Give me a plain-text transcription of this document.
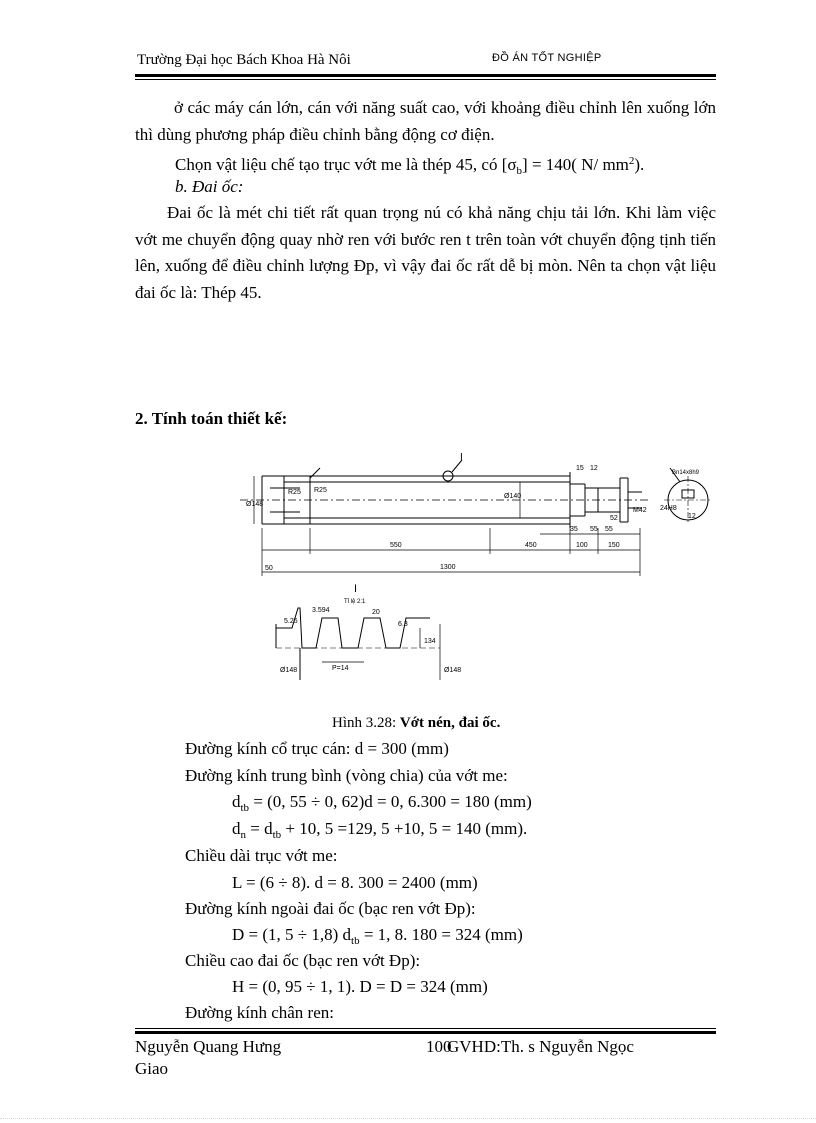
Trường Đại học Bách Khoa Hà Nôi	ĐỒ ÁN TỐT NGHIỆP
ở các máy cán lớn, cán với năng suất cao, với khoảng điều chỉnh lên xuống lớn thì dùng phương pháp điều chỉnh bằng động cơ điện.
Chọn vật liệu chế tạo trục vớt me là thép 45, có $[\sigma_b] = 140$( N/ $mm^2$).
b. Đai ốc:
Đai ốc là mét chi tiết rất quan trọng nú có khả năng chịu tải lớn. Khi làm việc vớt me chuyển động quay nhờ ren với bước ren t trên toàn vớt chuyển động tịnh tiến lên, xuống để điều chỉnh lượng Đp, vì vậy đai ốc rất dễ bị mòn. Nên ta chọn vật liệu đai ốc là: Thép 45.
2. Tính toán thiết kế:
50
550	450	100	150
1300
35 55 55
52
15 12
M42
Ø148
Ø140
R25 R25
I
24H8
12
Bn14x8h9
I
Tỉ lệ 2:1
5.25
3.594	20
6.3
134
P=14
Ø148	Ø148
Hình 3.28: Vớt nén, đai ốc.
Đường kính cổ trục cán: d = 300 (mm)
Đường kính trung bình (vòng chia) của vớt me:
$d_{tb} = (0$, 55 ÷ 0, 62)d = 0, 6.300 = 180 (mm)
$d_n = d_{tb} + 10$, 5 =129, 5 +10, 5 = 140 (mm).
Chiều dài trục vớt me:
L = (6 ÷ 8). d = 8. 300 = 2400 (mm)
Đường kính ngoài đai ốc (bạc ren vớt Đp):
D = (1, 5 ÷ 1,8) $d_{tb} = 1$, 8. 180 = 324 (mm)
Chiều cao đai ốc (bạc ren vớt Đp):
H = (0, 95 ÷ 1, 1). D = D = 324 (mm)
Đường kính chân ren:
Nguyễn Quang Hưng	100
GVHD:Th. s Nguyễn Ngọc
Giao
